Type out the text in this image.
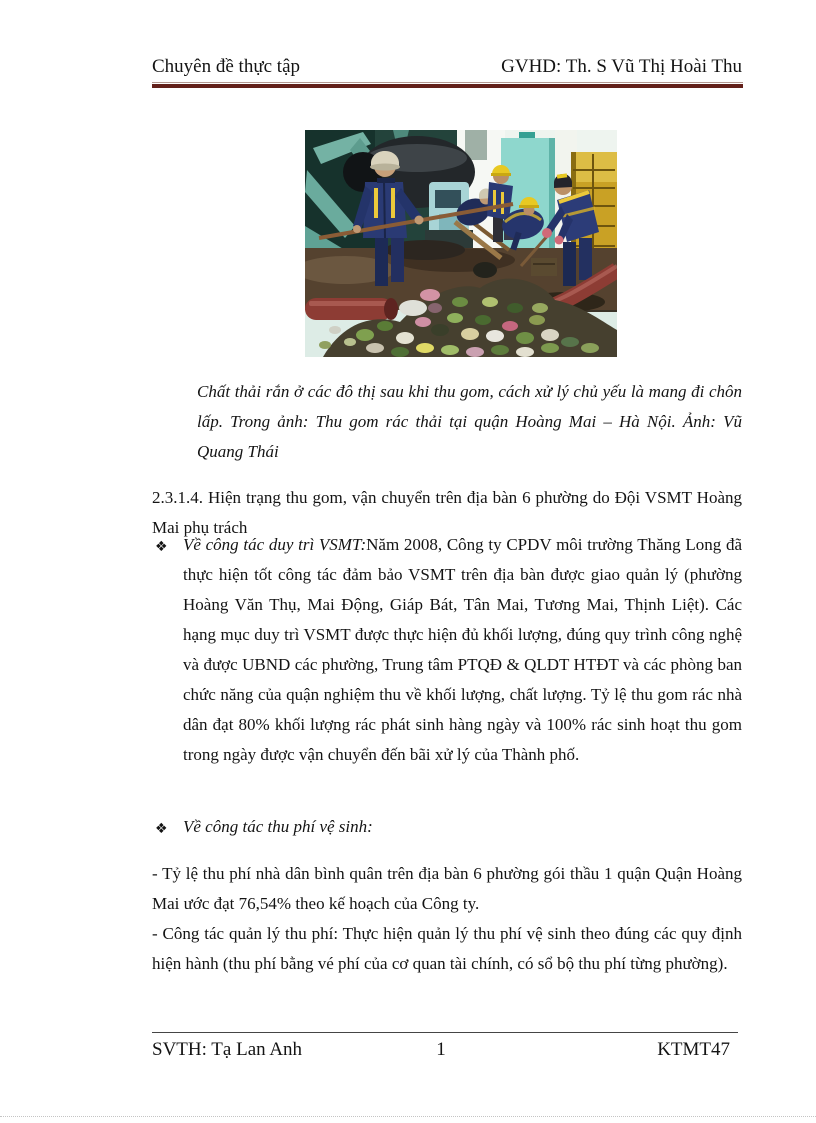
Chuyên đề thực tập	GVHD: Th. S Vũ Thị Hoài Thu

Chất thải rắn ở các đô thị sau khi thu gom, cách xử lý chủ yếu là mang đi chôn lấp. Trong ảnh: Thu gom rác thải tại quận Hoàng Mai – Hà Nội. Ảnh: Vũ Quang Thái

2.3.1.4. Hiện trạng thu gom, vận chuyển trên địa bàn 6 phường do Đội VSMT Hoàng Mai phụ trách

❖ Về công tác duy trì VSMT:Năm 2008, Công ty CPDV môi trường Thăng Long đã thực hiện tốt công tác đảm bảo VSMT trên địa bàn được giao quản lý (phường Hoàng Văn Thụ, Mai Động, Giáp Bát, Tân Mai, Tương Mai, Thịnh Liệt). Các hạng mục duy trì VSMT được thực hiện đủ khối lượng, đúng quy trình công nghệ và được UBND các phường, Trung tâm PTQĐ & QLDT HTĐT và các phòng ban chức năng của quận nghiệm thu về khối lượng, chất lượng. Tỷ lệ thu gom rác nhà dân đạt 80% khối lượng rác phát sinh hàng ngày và 100% rác sinh hoạt thu gom trong ngày được vận chuyển đến bãi xử lý của Thành phố.
❖ Về công tác thu phí vệ sinh:

- Tỷ lệ thu phí nhà dân bình quân trên địa bàn 6 phường gói thầu 1 quận Quận Hoàng Mai ước đạt 76,54% theo kế hoạch của Công ty.

- Công tác quản lý thu phí: Thực hiện quản lý thu phí vệ sinh theo đúng các quy định hiện hành (thu phí bằng vé phí của cơ quan tài chính, có sổ bộ thu phí từng phường).

SVTH: Tạ Lan Anh	1	KTMT47
